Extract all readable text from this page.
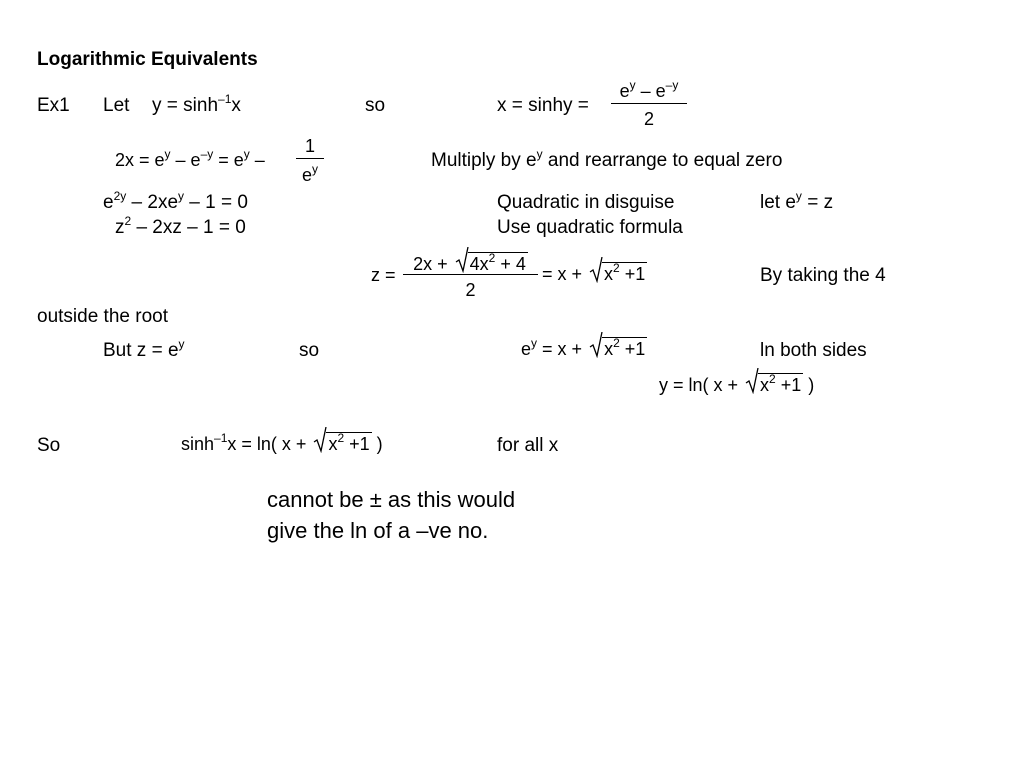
Logarithmic Equivalents
Ex1 Let $y = \sinh^{-1}x$	so	x = sinhy =
$e^y - e^{-y}$
2
$2x = e^y - e^{-y} = e^y$ –
1
$e^y$	Multiply by $e^y$ and rearrange to equal zero
$e^{2y} - 2xe^y - 1 = 0$	Quadratic in disguise	let $e^y = z$
$z^2 - 2xz - 1 = 0$	Use quadratic formula
z =
$2x + 4x^2 + 4$
2
= $x + x^2 +1$	By taking the 4
outside the root
But $z = e^y$	so	$e^y = x + x^2 +1$	ln both sides
y = ln( $x + x^2 +1$ )
So	$\sinh^{-1}x = \ln$( $x + x^2 +1$ )	for all x
cannot be ± as this would
give the ln of a –ve no.
